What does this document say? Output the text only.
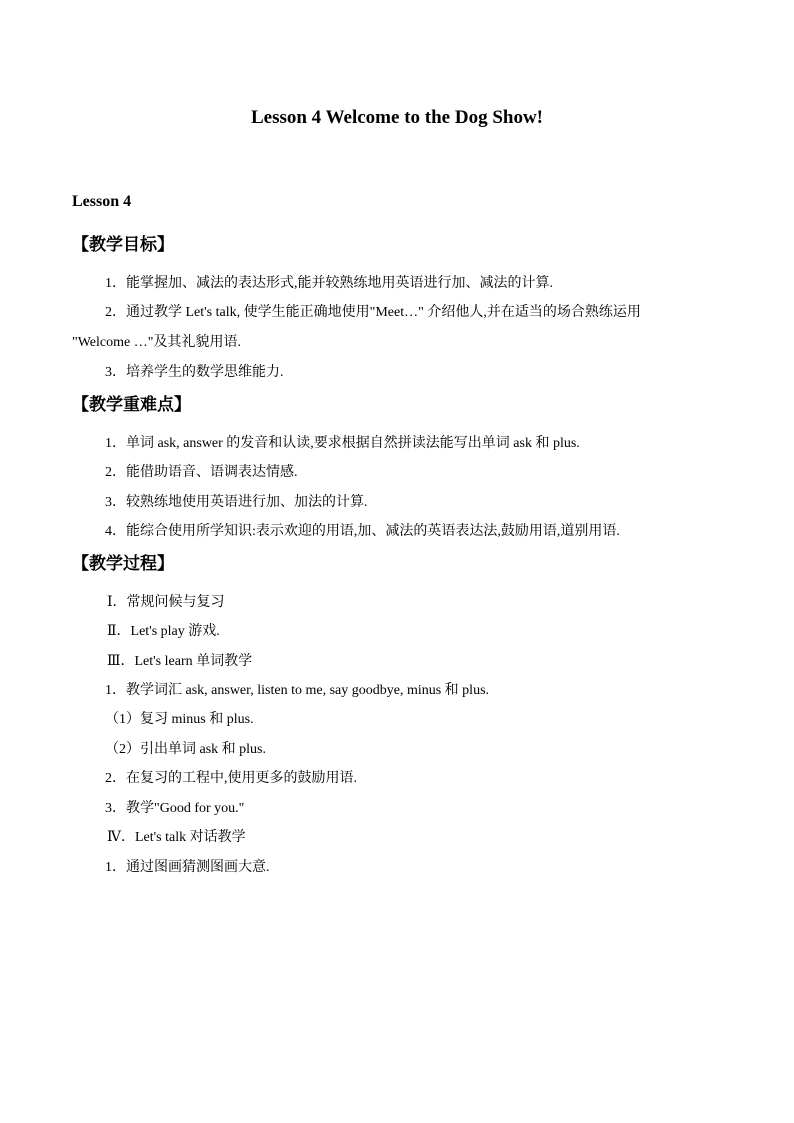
Lesson 4 Welcome to the Dog Show!
Lesson 4
【教学目标】
1．能掌握加、减法的表达形式,能并较熟练地用英语进行加、减法的计算.
2．通过教学 Let's talk, 使学生能正确地使用"Meet…" 介绍他人,并在适当的场合熟练运用
"Welcome …"及其礼貌用语.
3．培养学生的数学思维能力.
【教学重难点】
1．单词 ask, answer 的发音和认读,要求根据自然拼读法能写出单词 ask 和 plus.
2．能借助语音、语调表达情感.
3．较熟练地使用英语进行加、加法的计算.
4．能综合使用所学知识:表示欢迎的用语,加、减法的英语表达法,鼓励用语,道别用语.
【教学过程】
Ⅰ．常规问候与复习
Ⅱ．Let's play 游戏.
Ⅲ．Let's learn 单词教学
1．教学词汇 ask, answer, listen to me, say goodbye, minus 和 plus.
（1）复习 minus 和 plus.
（2）引出单词 ask 和 plus.
2．在复习的工程中,使用更多的鼓励用语.
3．教学"Good for you."
Ⅳ．Let's talk 对话教学
1．通过图画猜测图画大意.
